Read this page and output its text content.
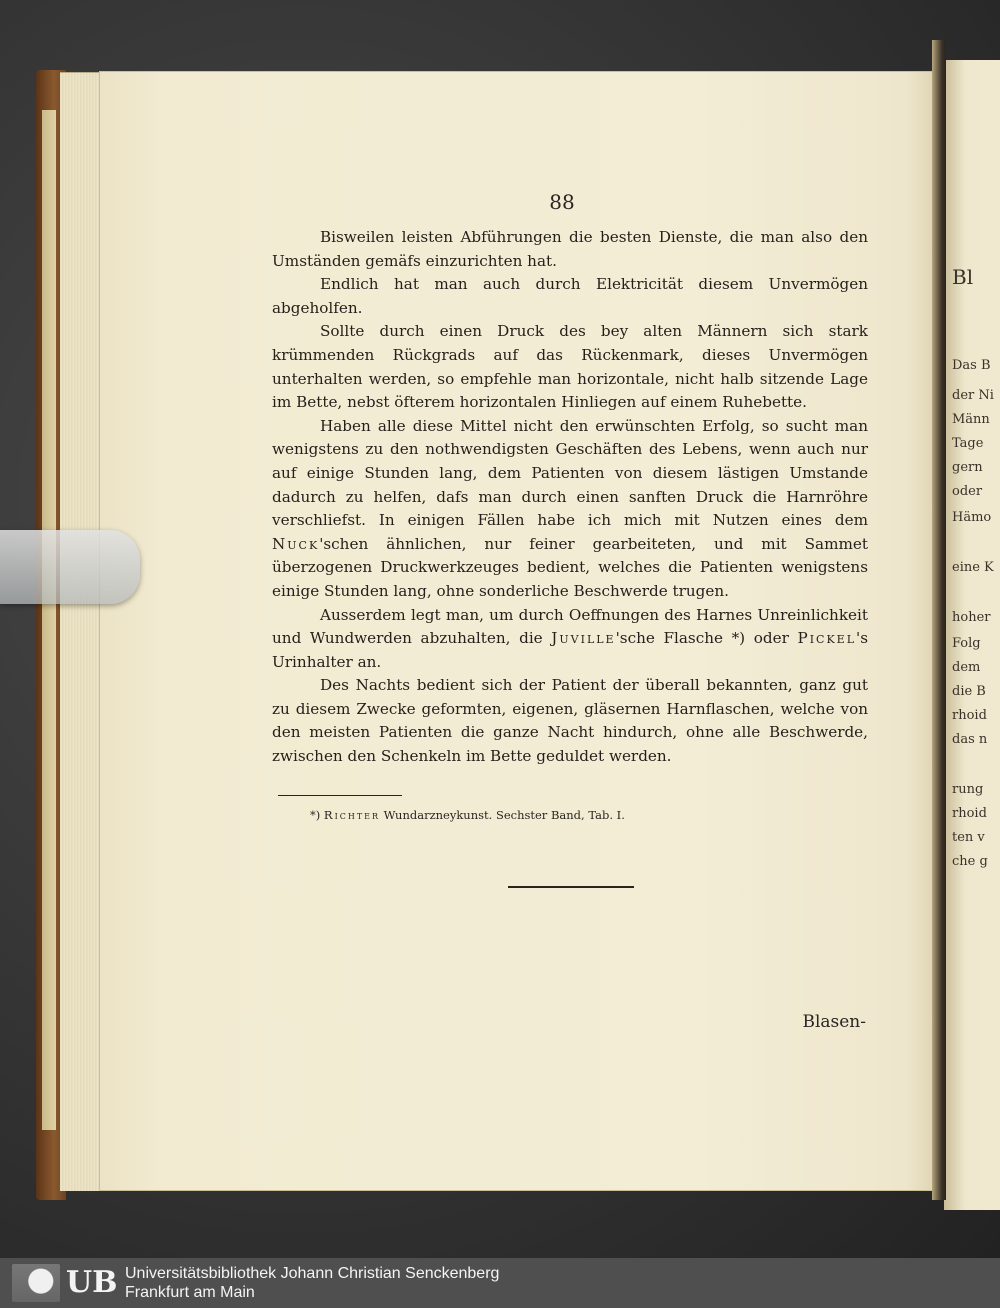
Bl
Das B
der Ni
Männ
Tage
gern
oder
Hämo
eine K
hoher
Folg
dem
die B
rhoid
das n
rung
rhoid
ten v
che g
88

Bisweilen leisten Abführungen die besten Dienste, die man also den Umständen gemäfs einzurichten hat.

Endlich hat man auch durch Elektricität diesem Unvermögen abgeholfen.

Sollte durch einen Druck des bey alten Männern sich stark krümmenden Rückgrads auf das Rückenmark, dieses Unvermögen unterhalten werden, so empfehle man horizontale, nicht halb sitzende Lage im Bette, nebst öfterem horizontalen Hinliegen auf einem Ruhebette.

Haben alle diese Mittel nicht den erwünschten Erfolg, so sucht man wenigstens zu den nothwendigsten Geschäften des Lebens, wenn auch nur auf einige Stunden lang, dem Patienten von diesem lästigen Umstande dadurch zu helfen, dafs man durch einen sanften Druck die Harnröhre verschliefst. In einigen Fällen habe ich mich mit Nutzen eines dem Nuck'schen ähnlichen, nur feiner gearbeiteten, und mit Sammet überzogenen Druckwerkzeuges bedient, welches die Patienten wenigstens einige Stunden lang, ohne sonderliche Beschwerde trugen.

Ausserdem legt man, um durch Oeffnungen des Harnes Unreinlichkeit und Wundwerden abzuhalten, die Juville'sche Flasche *) oder Pickel's Urinhalter an.

Des Nachts bedient sich der Patient der überall bekannten, ganz gut zu diesem Zwecke geformten, eigenen, gläsernen Harnflaschen, welche von den meisten Patienten die ganze Nacht hindurch, ohne alle Beschwerde, zwischen den Schenkeln im Bette geduldet werden.

*) Richter Wundarzneykunst. Sechster Band, Tab. I.
Blasen-
UB Universitätsbibliothek Johann Christian Senckenberg
Frankfurt am Main
